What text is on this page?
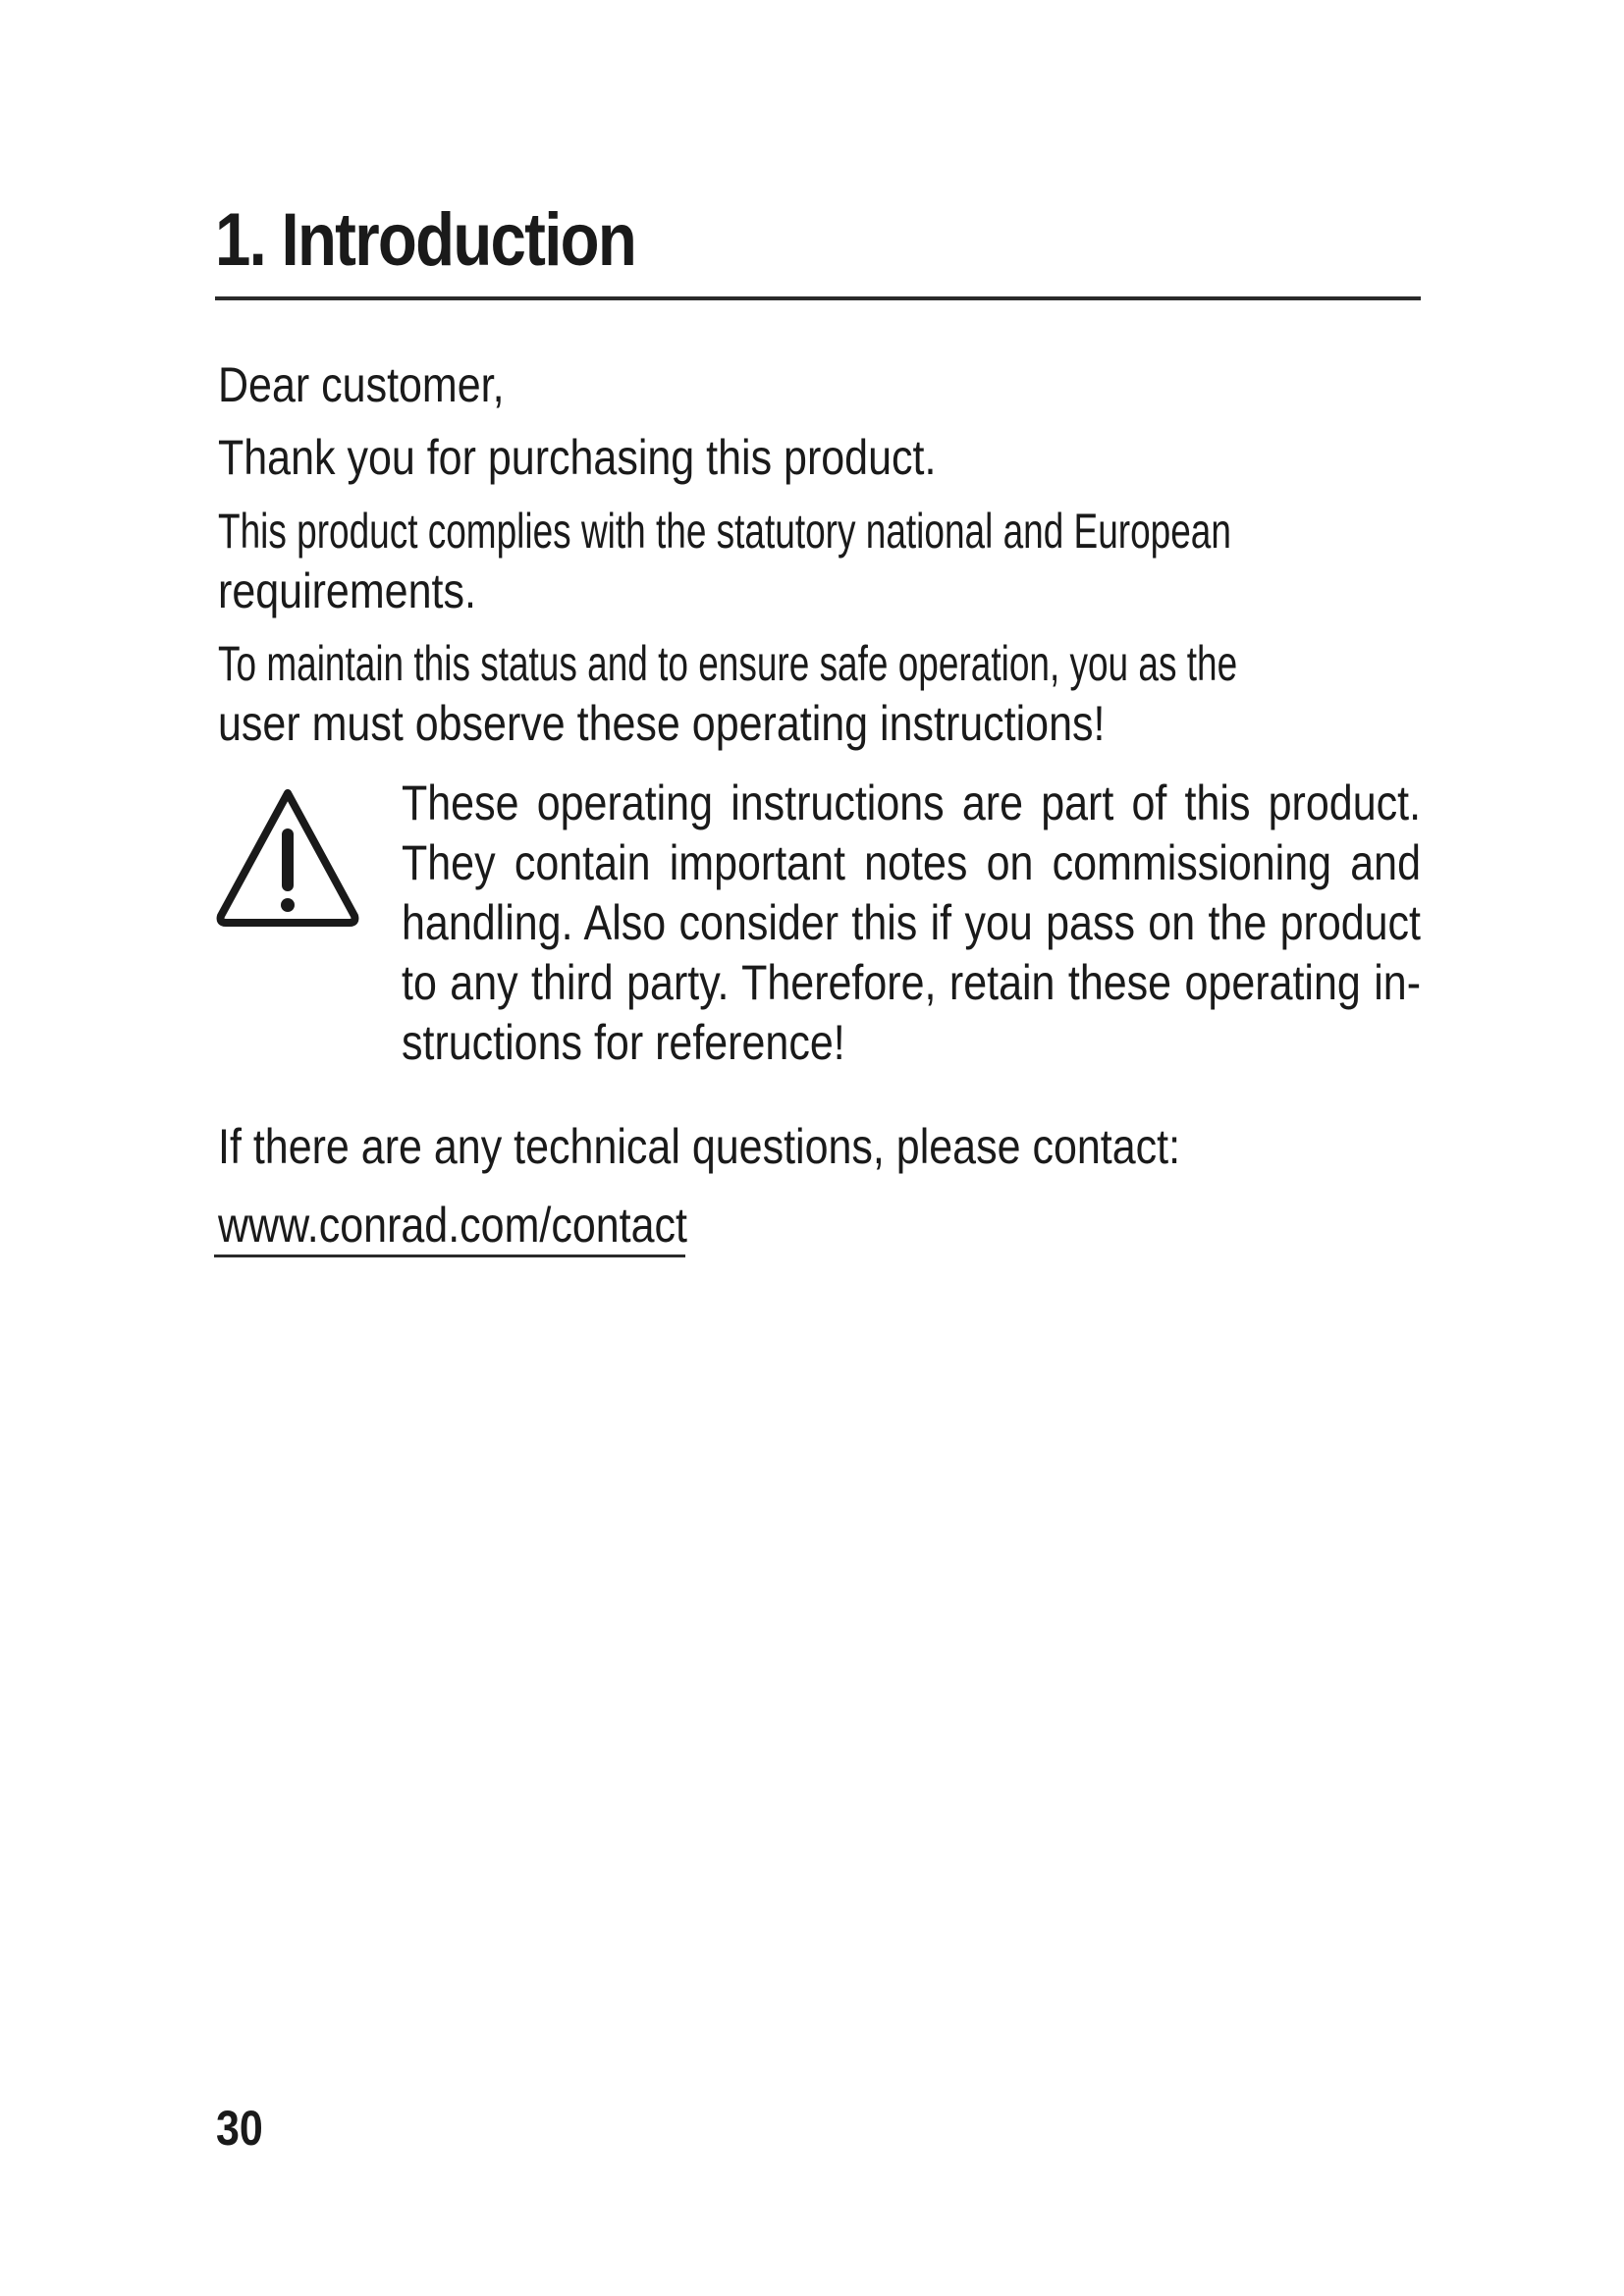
1. Introduction

Dear customer,

Thank you for purchasing this product.

This product complies with the statutory national and European
requirements.
To maintain this status and to ensure safe operation, you as the
user must observe these operating instructions!
These operating instructions are part of this product.
They contain important notes on commissioning and
handling. Also consider this if you pass on the product
to any third party. Therefore, retain these operating in-
structions for reference!

If there are any technical questions, please contact:

www.conrad.com/contact

30
